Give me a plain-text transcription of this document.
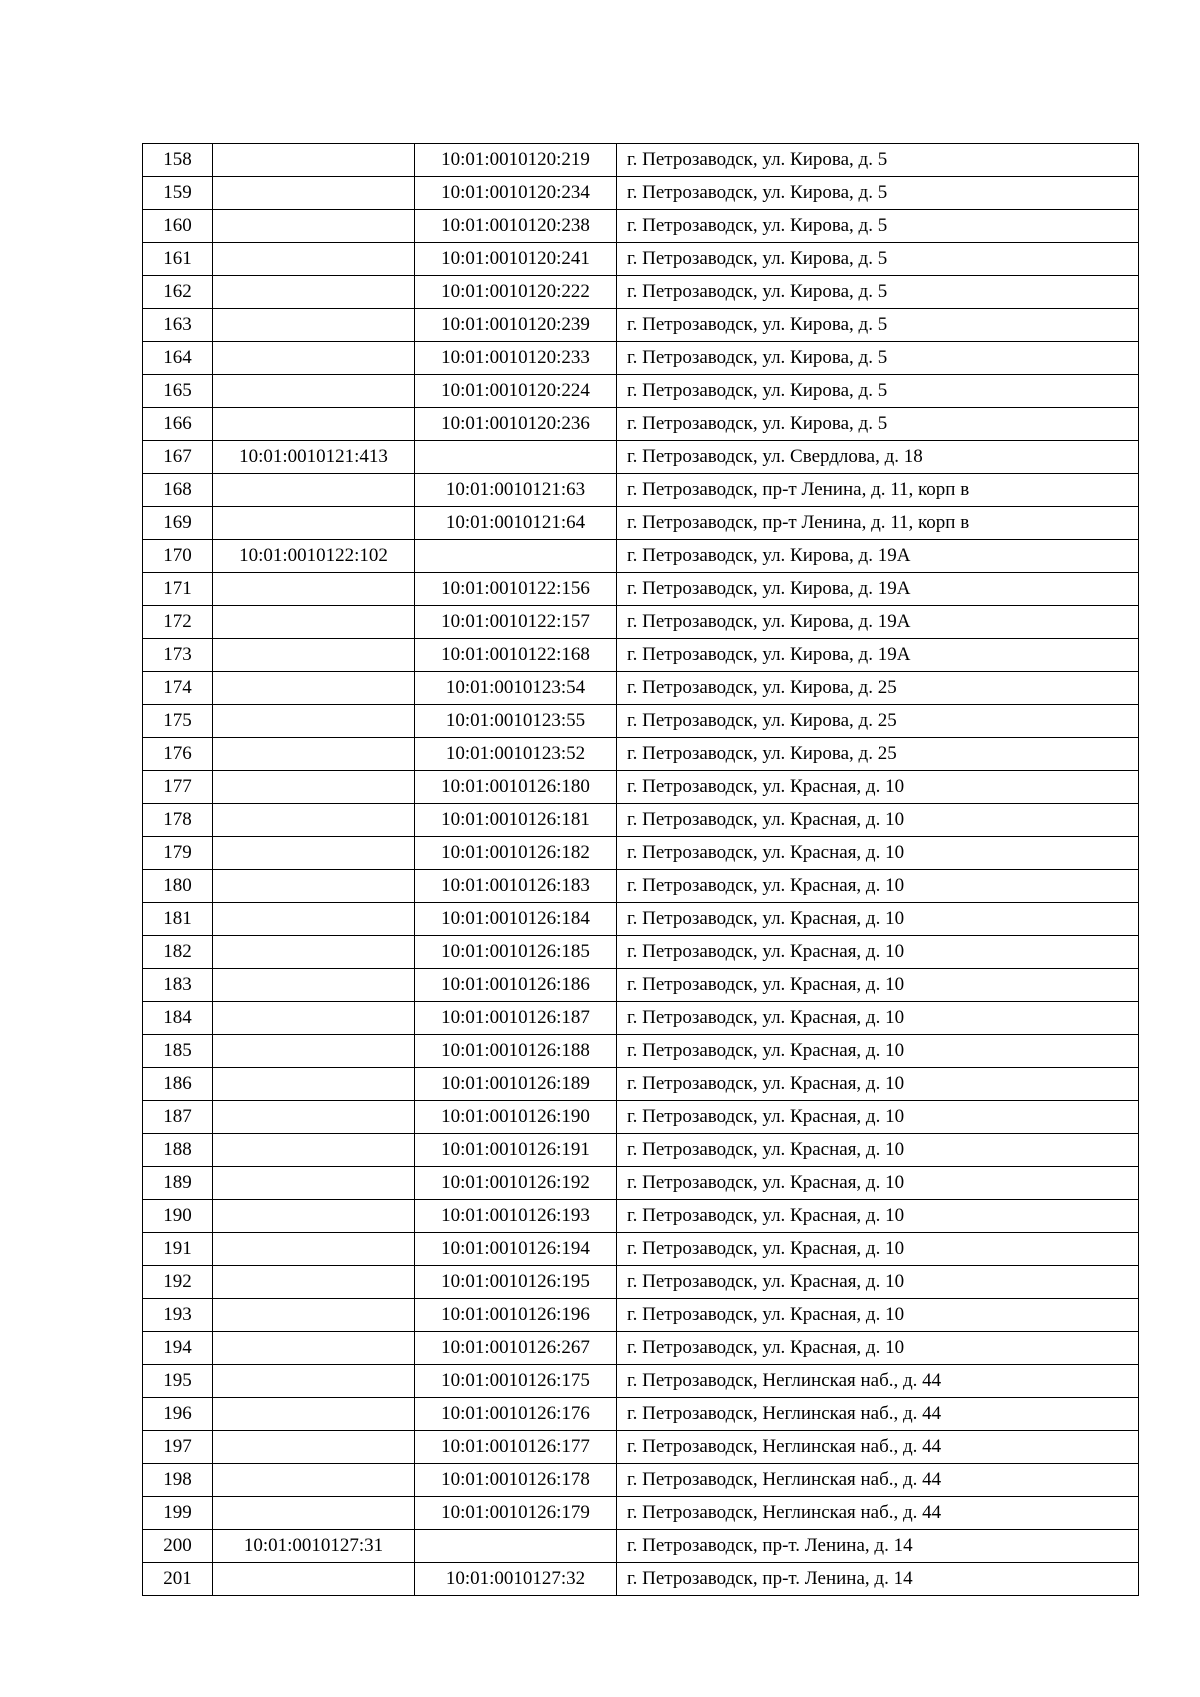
158		10:01:0010120:219	г. Петрозаводск, ул. Кирова, д. 5
159		10:01:0010120:234	г. Петрозаводск, ул. Кирова, д. 5
160		10:01:0010120:238	г. Петрозаводск, ул. Кирова, д. 5
161		10:01:0010120:241	г. Петрозаводск, ул. Кирова, д. 5
162		10:01:0010120:222	г. Петрозаводск, ул. Кирова, д. 5
163		10:01:0010120:239	г. Петрозаводск, ул. Кирова, д. 5
164		10:01:0010120:233	г. Петрозаводск, ул. Кирова, д. 5
165		10:01:0010120:224	г. Петрозаводск, ул. Кирова, д. 5
166		10:01:0010120:236	г. Петрозаводск, ул. Кирова, д. 5
167	10:01:0010121:413		г. Петрозаводск, ул. Свердлова, д. 18
168		10:01:0010121:63	г. Петрозаводск, пр-т Ленина, д. 11, корп в
169		10:01:0010121:64	г. Петрозаводск, пр-т Ленина, д. 11, корп в
170	10:01:0010122:102		г. Петрозаводск, ул. Кирова, д. 19А
171		10:01:0010122:156	г. Петрозаводск, ул. Кирова, д. 19А
172		10:01:0010122:157	г. Петрозаводск, ул. Кирова, д. 19А
173		10:01:0010122:168	г. Петрозаводск, ул. Кирова, д. 19А
174		10:01:0010123:54	г. Петрозаводск, ул. Кирова, д. 25
175		10:01:0010123:55	г. Петрозаводск, ул. Кирова, д. 25
176		10:01:0010123:52	г. Петрозаводск, ул. Кирова, д. 25
177		10:01:0010126:180	г. Петрозаводск, ул. Красная, д. 10
178		10:01:0010126:181	г. Петрозаводск, ул. Красная, д. 10
179		10:01:0010126:182	г. Петрозаводск, ул. Красная, д. 10
180		10:01:0010126:183	г. Петрозаводск, ул. Красная, д. 10
181		10:01:0010126:184	г. Петрозаводск, ул. Красная, д. 10
182		10:01:0010126:185	г. Петрозаводск, ул. Красная, д. 10
183		10:01:0010126:186	г. Петрозаводск, ул. Красная, д. 10
184		10:01:0010126:187	г. Петрозаводск, ул. Красная, д. 10
185		10:01:0010126:188	г. Петрозаводск, ул. Красная, д. 10
186		10:01:0010126:189	г. Петрозаводск, ул. Красная, д. 10
187		10:01:0010126:190	г. Петрозаводск, ул. Красная, д. 10
188		10:01:0010126:191	г. Петрозаводск, ул. Красная, д. 10
189		10:01:0010126:192	г. Петрозаводск, ул. Красная, д. 10
190		10:01:0010126:193	г. Петрозаводск, ул. Красная, д. 10
191		10:01:0010126:194	г. Петрозаводск, ул. Красная, д. 10
192		10:01:0010126:195	г. Петрозаводск, ул. Красная, д. 10
193		10:01:0010126:196	г. Петрозаводск, ул. Красная, д. 10
194		10:01:0010126:267	г. Петрозаводск, ул. Красная, д. 10
195		10:01:0010126:175	г. Петрозаводск, Неглинская наб., д. 44
196		10:01:0010126:176	г. Петрозаводск, Неглинская наб., д. 44
197		10:01:0010126:177	г. Петрозаводск, Неглинская наб., д. 44
198		10:01:0010126:178	г. Петрозаводск, Неглинская наб., д. 44
199		10:01:0010126:179	г. Петрозаводск, Неглинская наб., д. 44
200	10:01:0010127:31		г. Петрозаводск, пр-т. Ленина, д. 14
201		10:01:0010127:32	г. Петрозаводск, пр-т. Ленина, д. 14
